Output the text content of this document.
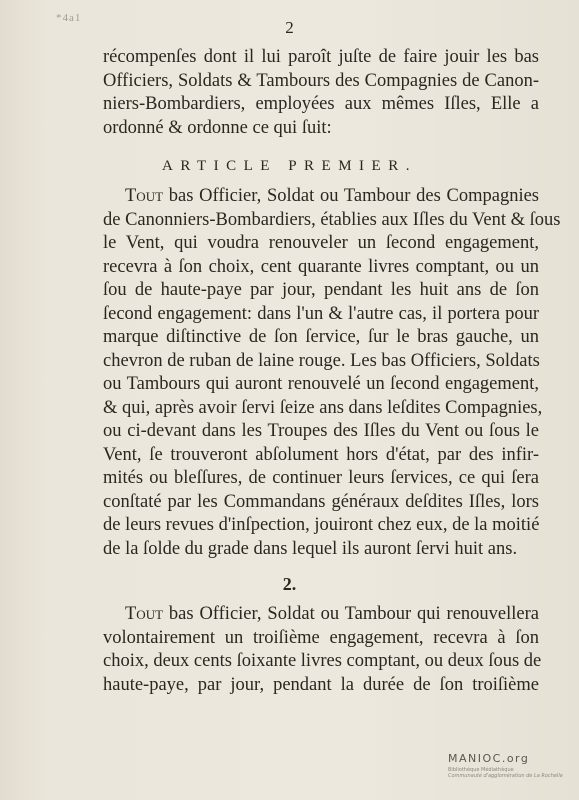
*4a1	2
récompenſes dont il lui paroît juſte de faire jouir les bas
Officiers, Soldats & Tambours des Compagnies de Canon-
niers-Bombardiers, employées aux mêmes Iſles, Elle a
ordonné & ordonne ce qui ſuit:
ARTICLE PREMIER.
Tout bas Officier, Soldat ou Tambour des Compagnies
de Canonniers-Bombardiers, établies aux Iſles du Vent & ſous
le Vent, qui voudra renouveler un ſecond engagement,
recevra à ſon choix, cent quarante livres comptant, ou un
ſou de haute-paye par jour, pendant les huit ans de ſon
ſecond engagement: dans l'un & l'autre cas, il portera pour
marque diſtinctive de ſon ſervice, ſur le bras gauche, un
chevron de ruban de laine rouge. Les bas Officiers, Soldats
ou Tambours qui auront renouvelé un ſecond engagement,
& qui, après avoir ſervi ſeize ans dans leſdites Compagnies,
ou ci-devant dans les Troupes des Iſles du Vent ou ſous le
Vent, ſe trouveront abſolument hors d'état, par des infir-
mités ou bleſſures, de continuer leurs ſervices, ce qui ſera
conſtaté par les Commandans généraux deſdites Iſles, lors
de leurs revues d'inſpection, jouiront chez eux, de la moitié
de la ſolde du grade dans lequel ils auront ſervi huit ans.
2.
Tout bas Officier, Soldat ou Tambour qui renouvellera
volontairement un troiſième engagement, recevra à ſon
choix, deux cents ſoixante livres comptant, ou deux ſous de
haute-paye, par jour, pendant la durée de ſon troiſième
MANIOC.org
Bibliothèque Médiathèque
Communauté d'agglomération de La Rochelle
